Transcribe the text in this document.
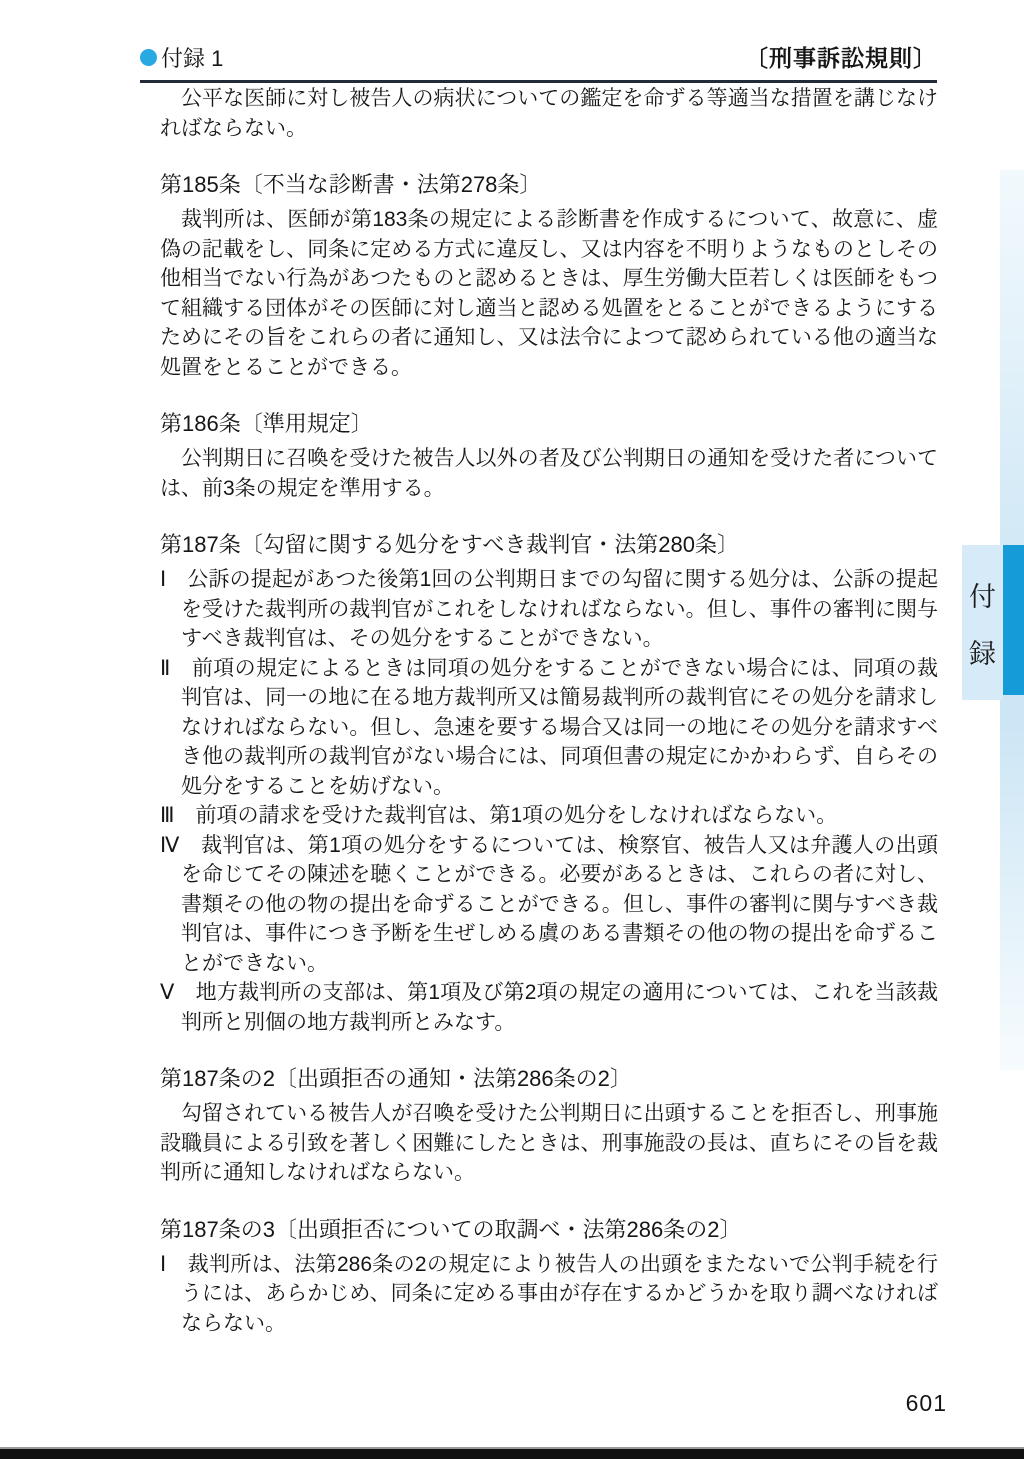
付録 1	〔刑事訴訟規則〕
公平な医師に対し被告人の病状についての鑑定を命ずる等適当な措置を講じなければならない。
第185条〔不当な診断書・法第278条〕
裁判所は、医師が第183条の規定による診断書を作成するについて、故意に、虚偽の記載をし、同条に定める方式に違反し、又は内容を不明りようなものとしその他相当でない行為があつたものと認めるときは、厚生労働大臣若しくは医師をもつて組織する団体がその医師に対し適当と認める処置をとることができるようにするためにその旨をこれらの者に通知し、又は法令によつて認められている他の適当な処置をとることができる。
第186条〔準用規定〕
公判期日に召喚を受けた被告人以外の者及び公判期日の通知を受けた者については、前3条の規定を準用する。
第187条〔勾留に関する処分をすべき裁判官・法第280条〕
Ⅰ　公訴の提起があつた後第1回の公判期日までの勾留に関する処分は、公訴の提起を受けた裁判所の裁判官がこれをしなければならない。但し、事件の審判に関与すべき裁判官は、その処分をすることができない。
Ⅱ　前項の規定によるときは同項の処分をすることができない場合には、同項の裁判官は、同一の地に在る地方裁判所又は簡易裁判所の裁判官にその処分を請求しなければならない。但し、急速を要する場合又は同一の地にその処分を請求すべき他の裁判所の裁判官がない場合には、同項但書の規定にかかわらず、自らその処分をすることを妨げない。
Ⅲ　前項の請求を受けた裁判官は、第1項の処分をしなければならない。
Ⅳ　裁判官は、第1項の処分をするについては、検察官、被告人又は弁護人の出頭を命じてその陳述を聴くことができる。必要があるときは、これらの者に対し、書類その他の物の提出を命ずることができる。但し、事件の審判に関与すべき裁判官は、事件につき予断を生ぜしめる虞のある書類その他の物の提出を命ずることができない。
Ⅴ　地方裁判所の支部は、第1項及び第2項の規定の適用については、これを当該裁判所と別個の地方裁判所とみなす。
第187条の2〔出頭拒否の通知・法第286条の2〕
勾留されている被告人が召喚を受けた公判期日に出頭することを拒否し、刑事施設職員による引致を著しく困難にしたときは、刑事施設の長は、直ちにその旨を裁判所に通知しなければならない。
第187条の3〔出頭拒否についての取調べ・法第286条の2〕
Ⅰ　裁判所は、法第286条の2の規定により被告人の出頭をまたないで公判手続を行うには、あらかじめ、同条に定める事由が存在するかどうかを取り調べなければならない。
付
録
601
